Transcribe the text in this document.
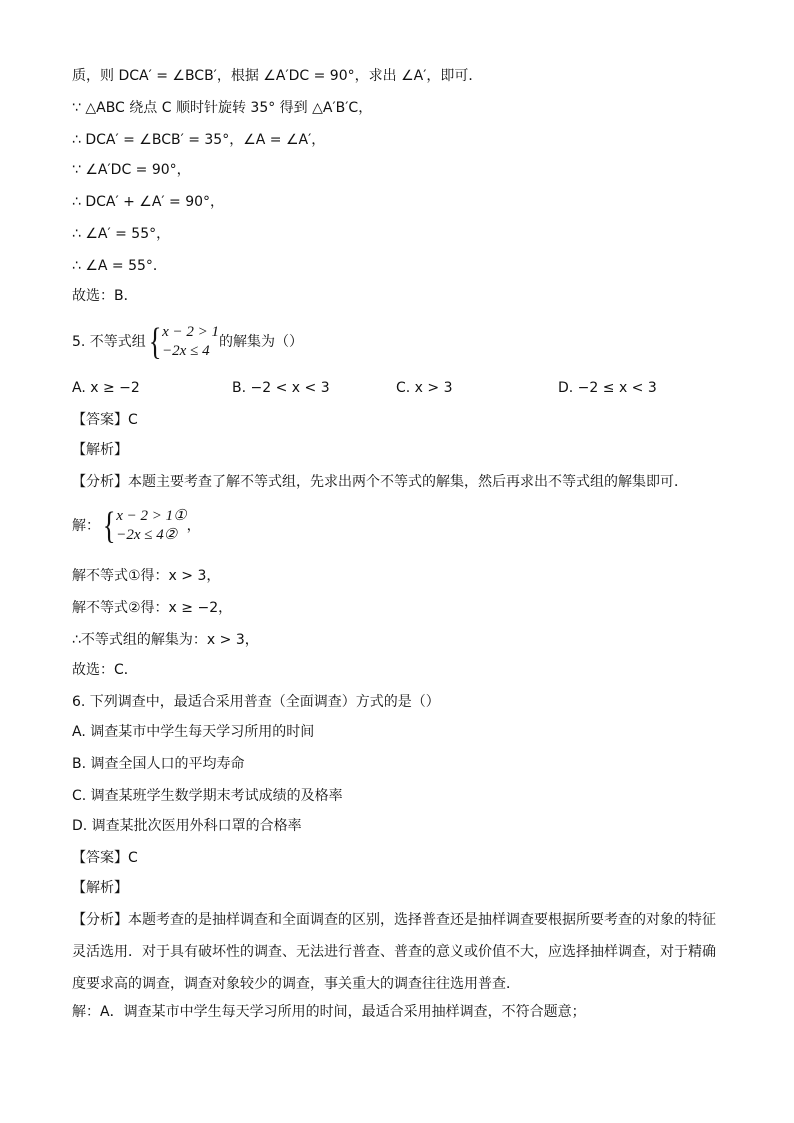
质，则 DCA′ = ∠BCB′，根据 ∠A′DC = 90°，求出 ∠A′，即可．
∵ △ABC 绕点 C 顺时针旋转 35° 得到 △A′B′C，
∴ DCA′ = ∠BCB′ = 35°，∠A = ∠A′，
∵ ∠A′DC = 90°，
∴ DCA′ + ∠A′ = 90°，
∴ ∠A′ = 55°，
∴ ∠A = 55°．
故选：B．
5. 不等式组 { x − 2 > 1
−2x ≤ 4
的解集为（）
A. x ≥ −2	B. −2 < x < 3	C. x > 3	D. −2 ≤ x < 3
【答案】C
【解析】
【分析】本题主要考查了解不等式组，先求出两个不等式的解集，然后再求出不等式组的解集即可．
解： { x − 2 > 1①
−2x ≤ 4②
，
解不等式①得：x > 3，
解不等式②得：x ≥ −2，
∴不等式组的解集为：x > 3，
故选：C．
6. 下列调查中，最适合采用普查（全面调查）方式的是（）
A. 调查某市中学生每天学习所用的时间
B. 调查全国人口的平均寿命
C. 调查某班学生数学期末考试成绩的及格率
D. 调查某批次医用外科口罩的合格率
【答案】C
【解析】
【分析】本题考查的是抽样调查和全面调查的区别，选择普查还是抽样调查要根据所要考查的对象的特征灵活选用．对于具有破坏性的调查、无法进行普查、普查的意义或价值不大，应选择抽样调查，对于精确度要求高的调查，调查对象较少的调查，事关重大的调查往往选用普查．
解：A．调查某市中学生每天学习所用的时间，最适合采用抽样调查，不符合题意；
